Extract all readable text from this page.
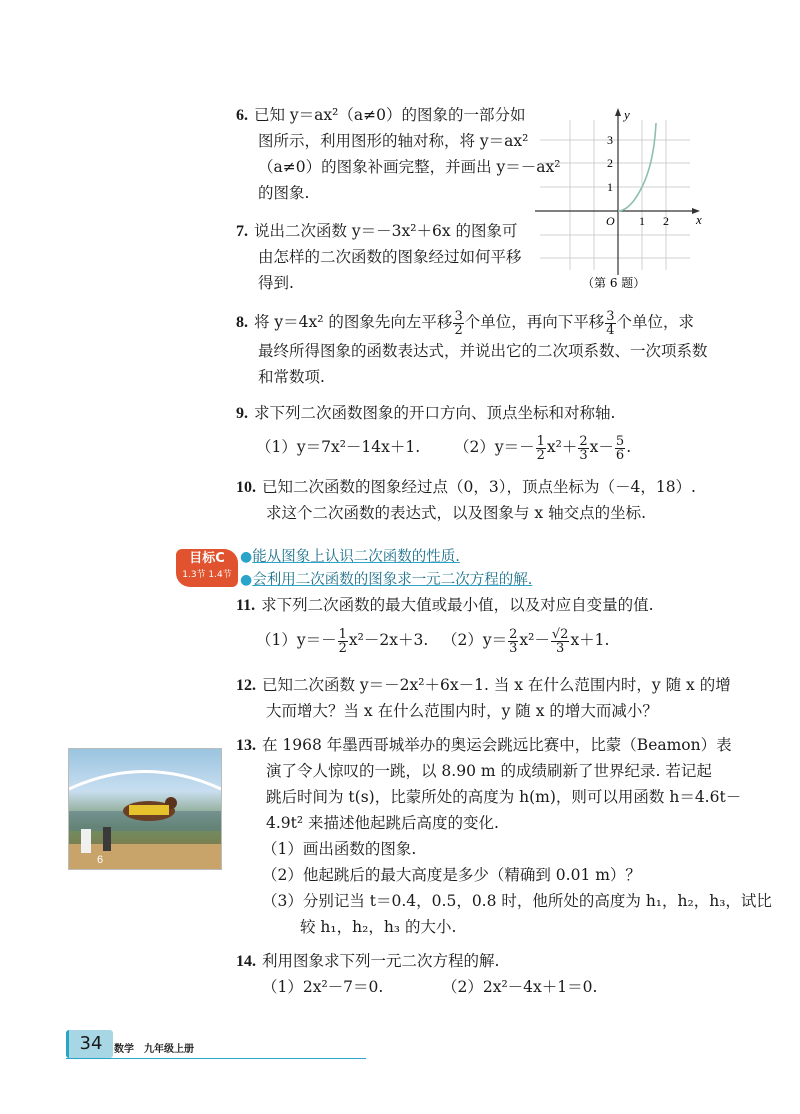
6. 已知 y＝ax²（a≠0）的图象的一部分如
图所示，利用图形的轴对称，将 y＝ax²
（a≠0）的图象补画完整，并画出 y＝－ax²
的图象.
7. 说出二次函数 y＝－3x²＋6x 的图象可
由怎样的二次函数的图象经过如何平移
得到.
y
x
O 1 2
1
2
3
（第 6 题）
8. 将 y＝4x² 的图象先向左平移 $\frac{3}{2}$ 个单位，再向下平移 $\frac{3}{4}$ 个单位，求
最终所得图象的函数表达式，并说出它的二次项系数、一次项系数
和常数项.
9. 求下列二次函数图象的开口方向、顶点坐标和对称轴.
（1）y＝7x²－14x＋1. $(2)y=- \frac{1}{2} x^2+ \frac{2}{3} x- \frac{5}{6}$ .
10. 已知二次函数的图象经过点（0，3），顶点坐标为（－4，18）.
求这个二次函数的表达式，以及图象与 x 轴交点的坐标.
目标C
1.3节 1.4节
●能从图象上认识二次函数的性质.
●会利用二次函数的图象求一元二次方程的解.
11. 求下列二次函数的最大值或最小值，以及对应自变量的值.
$(1)y=- \frac{1}{2} x^2-2x+3$. $(2)y= \frac{2}{3} x^2- \frac{√2}{3} x+1$.
12. 已知二次函数 y＝－2x²＋6x－1. 当 x 在什么范围内时，y 随 x 的增
大而增大？当 x 在什么范围内时，y 随 x 的增大而减小？
6
13. 在 1968 年墨西哥城举办的奥运会跳远比赛中，比蒙（Beamon）表
演了令人惊叹的一跳，以 8.90 m 的成绩刷新了世界纪录. 若记起
跳后时间为 t(s)，比蒙所处的高度为 h(m)，则可以用函数 h＝4.6t－
4.9t² 来描述他起跳后高度的变化.
（1）画出函数的图象.
（2）他起跳后的最大高度是多少（精确到 0.01 m）？
（3）分别记当 t＝0.4，0.5，0.8 时，他所处的高度为 h₁，h₂，h₃，试比
较 h₁，h₂，h₃ 的大小.
14. 利用图象求下列一元二次方程的解.
（1）2x²－7＝0.	（2）2x²－4x＋1＝0.
34	数学　九年级上册
